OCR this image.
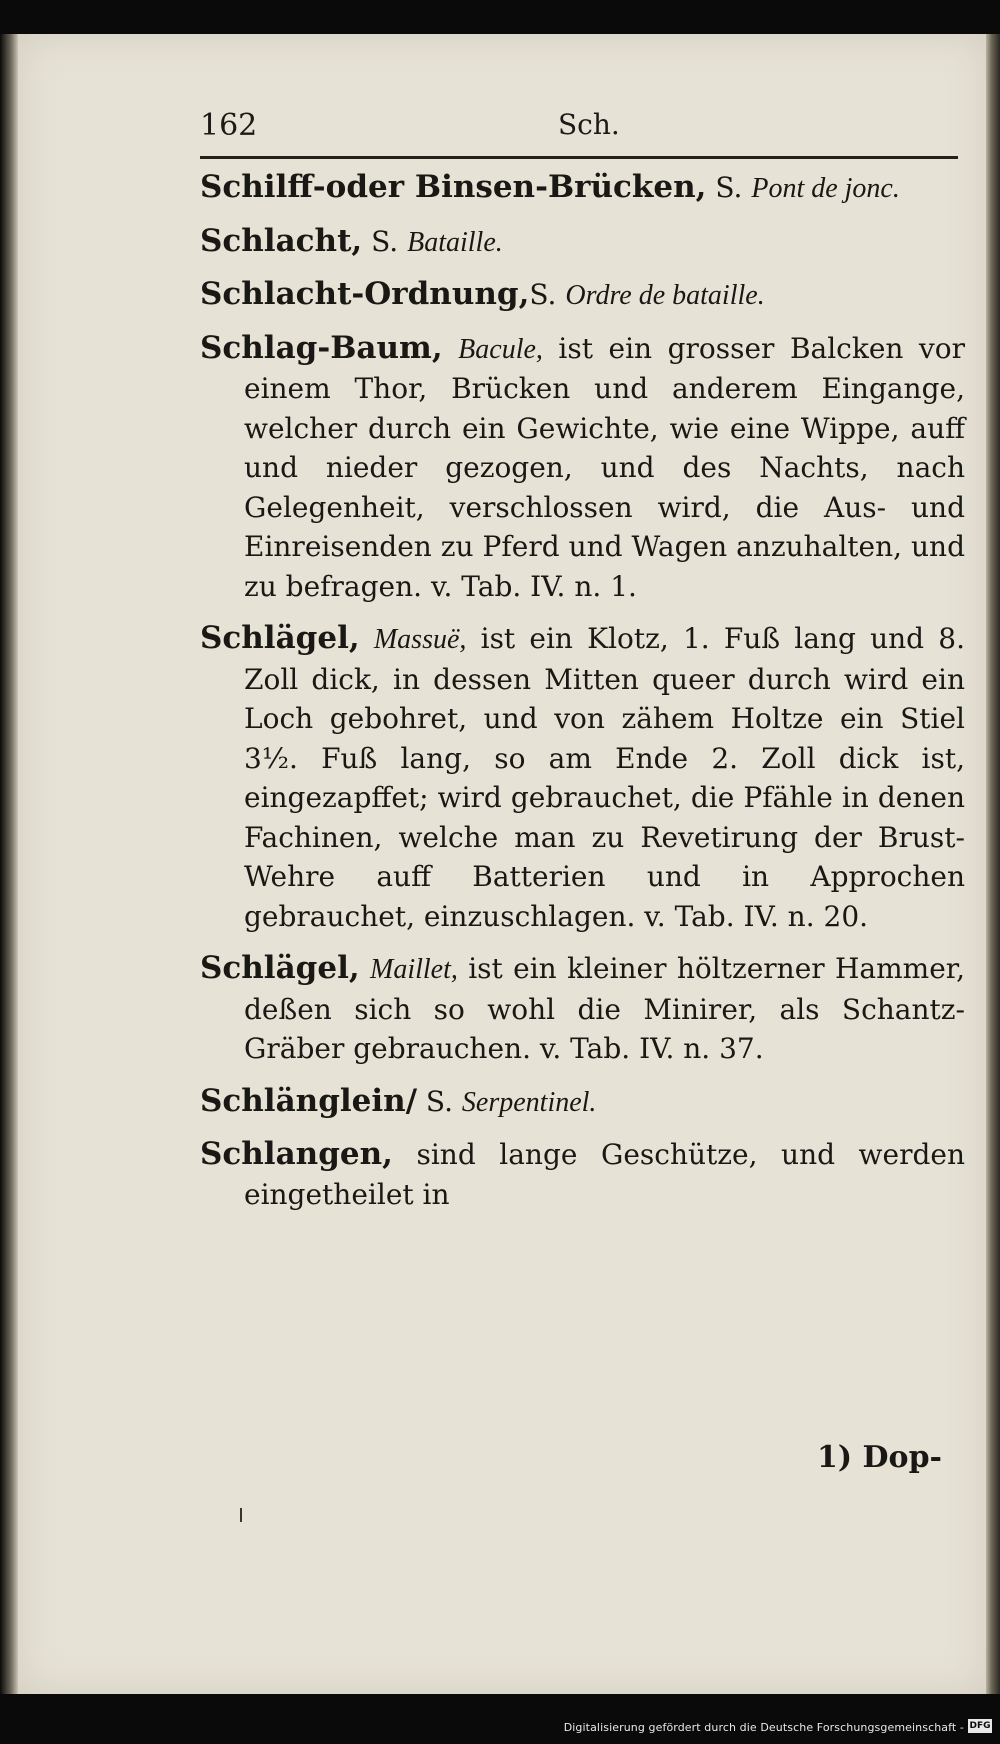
162	Sch.

Schilff-oder Binsen-Brücken, S. Pont de jonc.

Schlacht, S. Bataille.

Schlacht-Ordnung,S. Ordre de bataille.

Schlag-Baum, Bacule, ist ein grosser Balcken vor einem Thor, Brücken und anderem Eingange, welcher durch ein Gewichte, wie eine Wippe, auff und nieder gezogen, und des Nachts, nach Gelegenheit, verschlossen wird, die Aus- und Einreisenden zu Pferd und Wagen anzuhalten, und zu befragen. v. Tab. IV. n. 1.

Schlägel, Massuë, ist ein Klotz, 1. Fuß lang und 8. Zoll dick, in dessen Mitten queer durch wird ein Loch gebohret, und von zähem Holtze ein Stiel 3½. Fuß lang, so am Ende 2. Zoll dick ist, eingezapffet; wird gebrauchet, die Pfähle in denen Fachinen, welche man zu Revetirung der Brust-Wehre auff Batterien und in Approchen gebrauchet, einzuschlagen. v. Tab. IV. n. 20.

Schlägel, Maillet, ist ein kleiner höltzerner Hammer, deßen sich so wohl die Minirer, als Schantz-Gräber gebrauchen. v. Tab. IV. n. 37.

Schlänglein/ S. Serpentinel.

Schlangen, sind lange Geschütze, und werden eingetheilet in

1) Dop-
Digitalisierung gefördert durch die Deutsche Forschungsgemeinschaft - DFG
